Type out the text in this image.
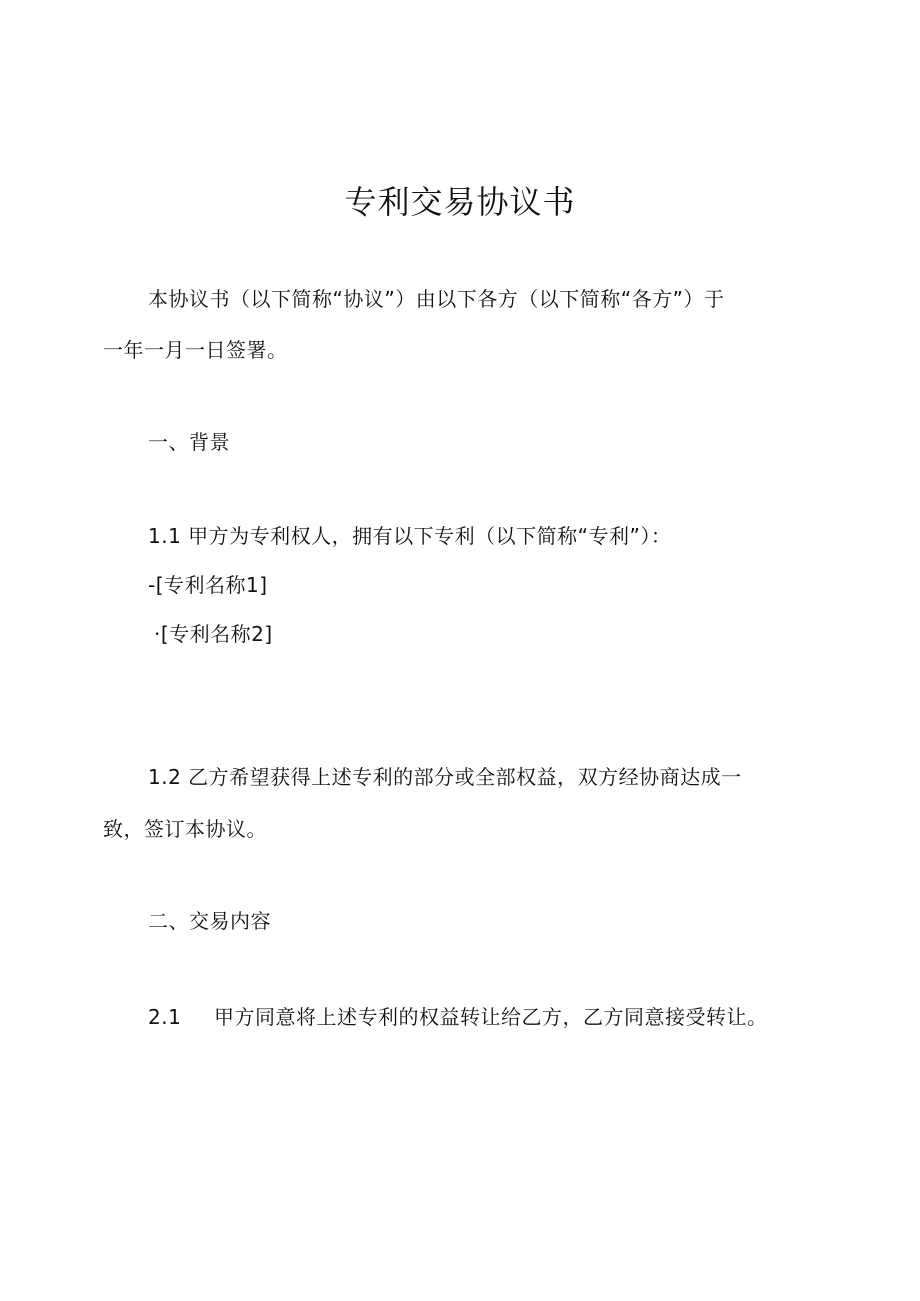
专利交易协议书
本协议书（以下简称“协议”）由以下各方（以下简称“各方”）于
一年一月一日签署。
一、背景
1.1 甲方为专利权人，拥有以下专利（以下简称“专利”）：
-[专利名称1]
·[专利名称2]
1.2 乙方希望获得上述专利的部分或全部权益，双方经协商达成一
致，签订本协议。
二、交易内容
2.1 甲方同意将上述专利的权益转让给乙方，乙方同意接受转让。
